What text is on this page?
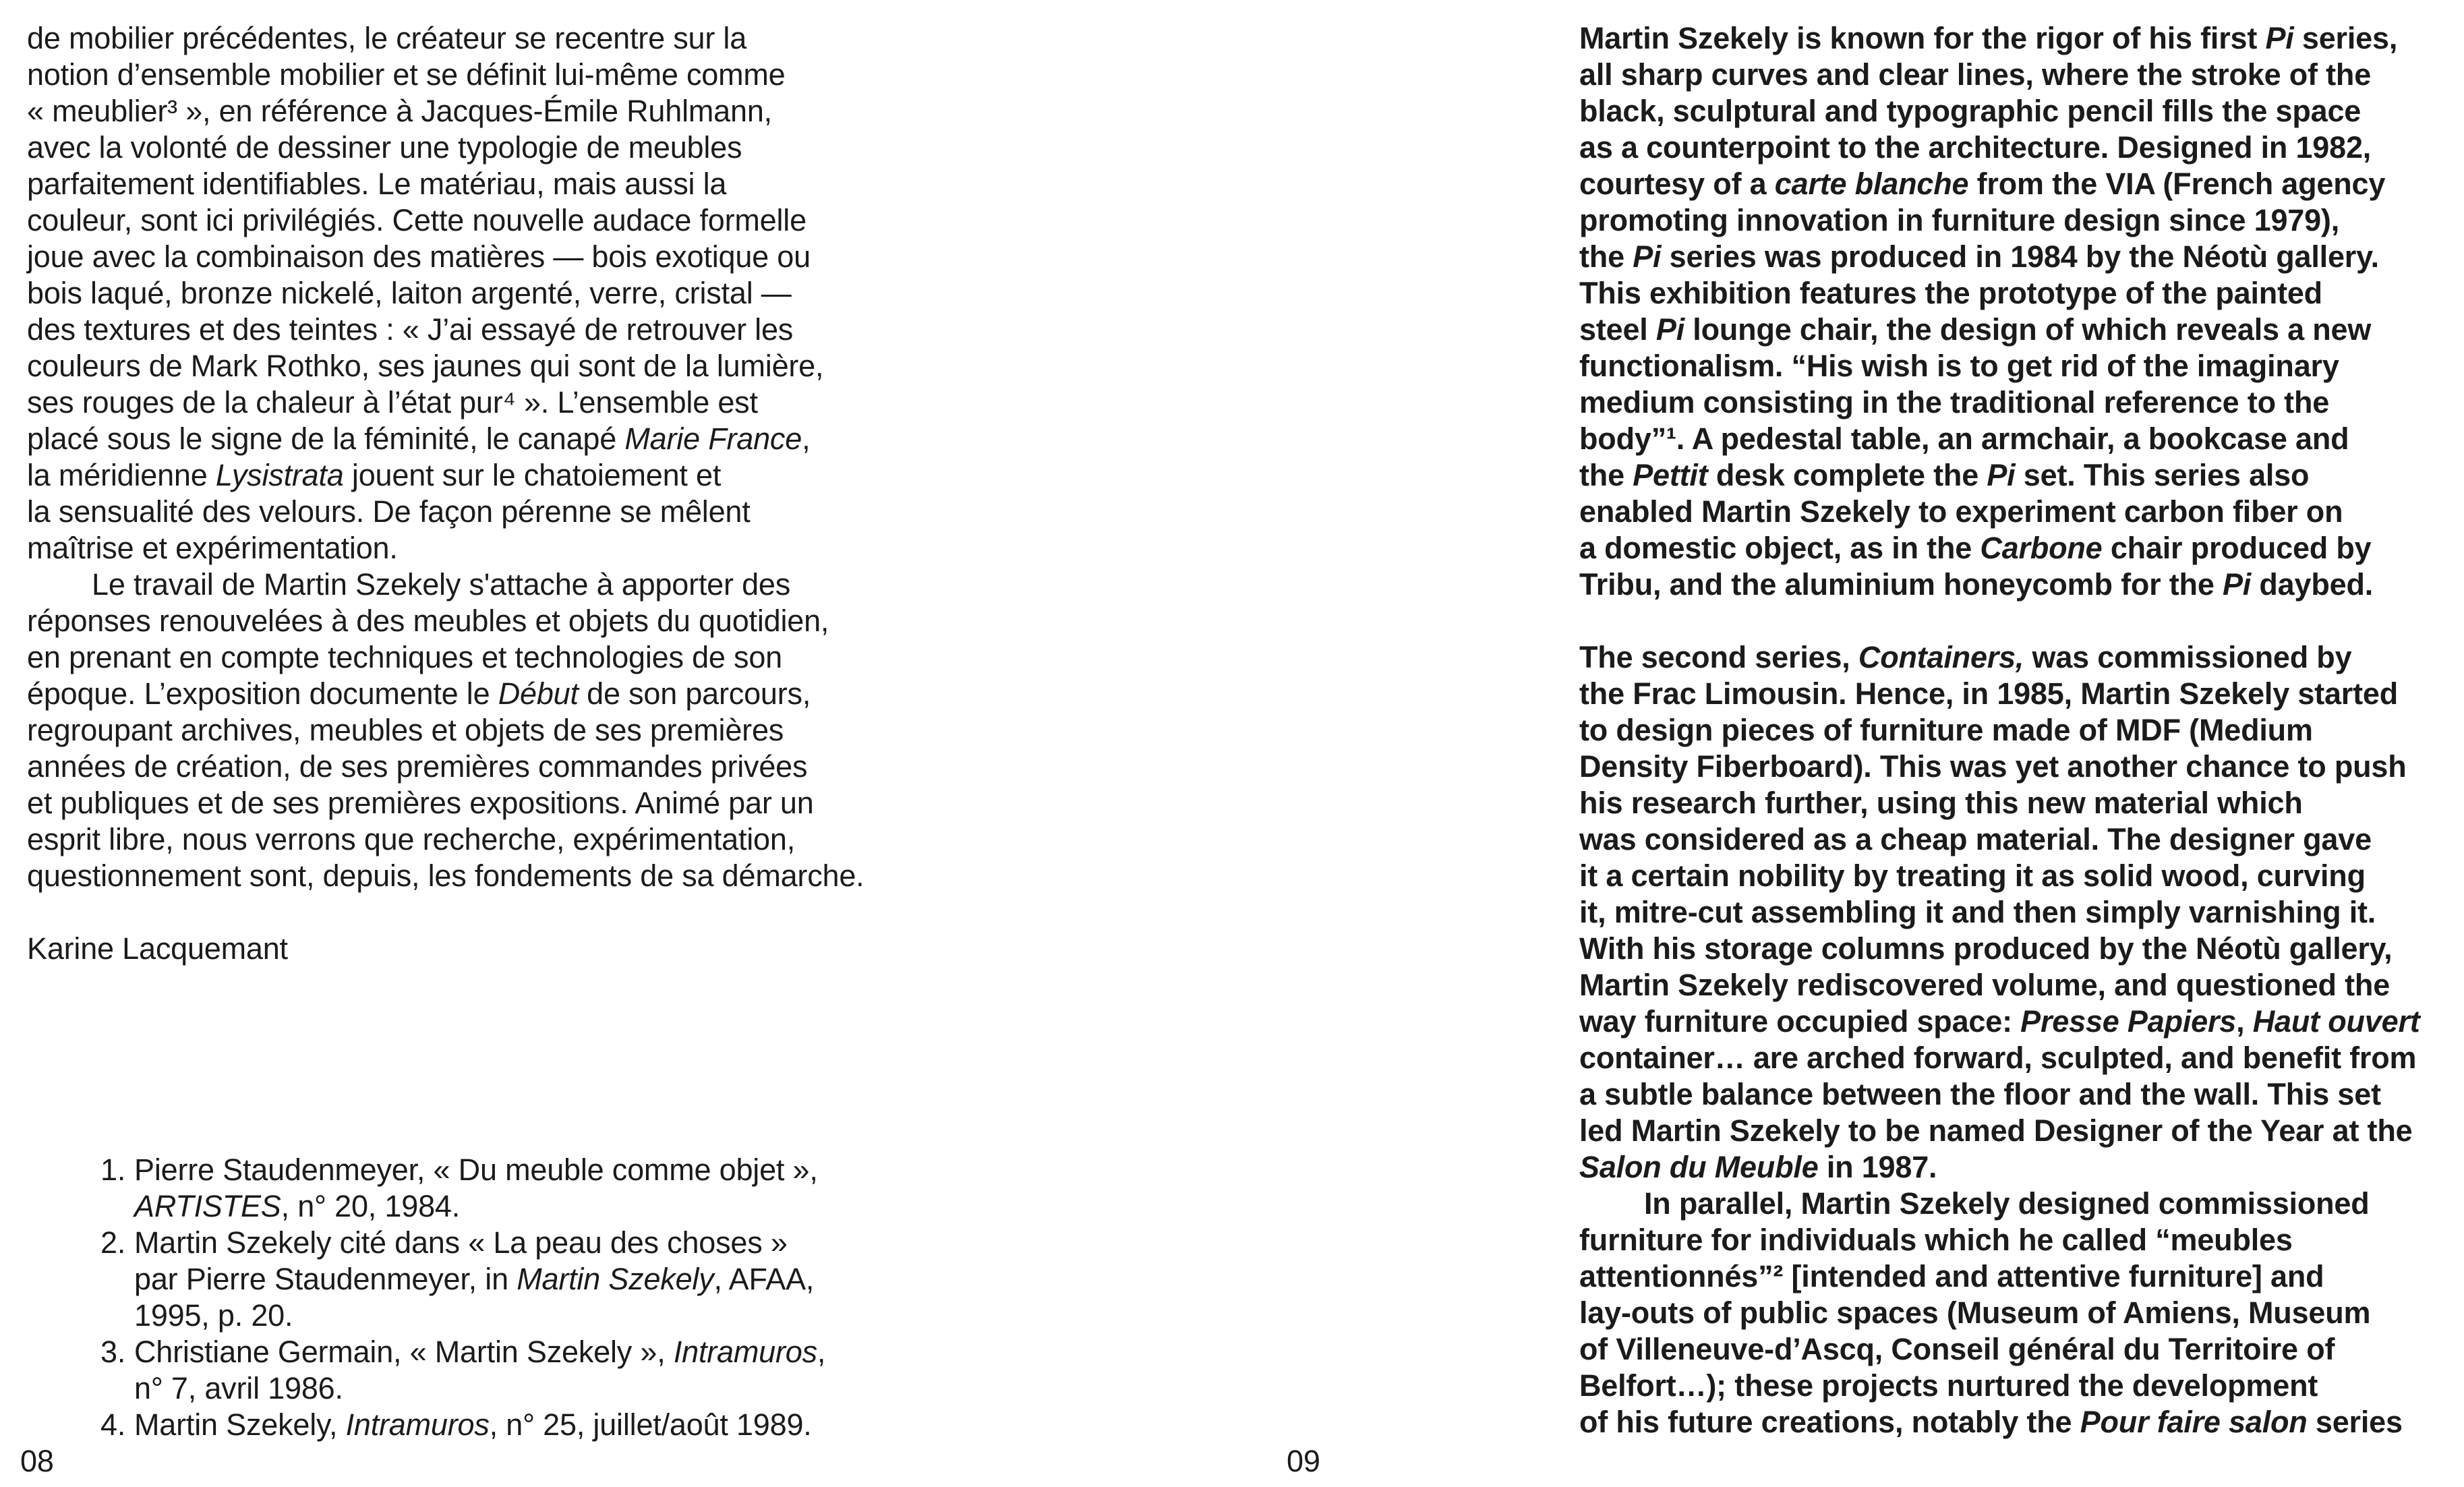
de mobilier précédentes, le créateur se recentre sur la
notion d’ensemble mobilier et se définit lui-même comme
« meublier³ », en référence à Jacques-Émile Ruhlmann,
avec la volonté de dessiner une typologie de meubles
parfaitement identifiables. Le matériau, mais aussi la
couleur, sont ici privilégiés. Cette nouvelle audace formelle
joue avec la combinaison des matières — bois exotique ou
bois laqué, bronze nickelé, laiton argenté, verre, cristal —
des textures et des teintes : « J’ai essayé de retrouver les
couleurs de Mark Rothko, ses jaunes qui sont de la lumière,
ses rouges de la chaleur à l’état pur⁴ ». L’ensemble est
placé sous le signe de la féminité, le canapé Marie France,
la méridienne Lysistrata jouent sur le chatoiement et
la sensualité des velours. De façon pérenne se mêlent
maîtrise et expérimentation.
Le travail de Martin Szekely s'attache à apporter des
réponses renouvelées à des meubles et objets du quotidien,
en prenant en compte techniques et technologies de son
époque. L’exposition documente le Début de son parcours,
regroupant archives, meubles et objets de ses premières
années de création, de ses premières commandes privées
et publiques et de ses premières expositions. Animé par un
esprit libre, nous verrons que recherche, expérimentation,
questionnement sont, depuis, les fondements de sa démarche.
Karine Lacquemant
1. Pierre Staudenmeyer, « Du meuble comme objet »,
ARTISTES, n° 20, 1984.
2. Martin Szekely cité dans « La peau des choses »
par Pierre Staudenmeyer, in Martin Szekely, AFAA,
1995, p. 20.
3. Christiane Germain, « Martin Szekely », Intramuros,
n° 7, avril 1986.
4. Martin Szekely, Intramuros, n° 25, juillet/août 1989.
Martin Szekely is known for the rigor of his first Pi series,
all sharp curves and clear lines, where the stroke of the
black, sculptural and typographic pencil fills the space
as a counterpoint to the architecture. Designed in 1982,
courtesy of a carte blanche from the VIA (French agency
promoting innovation in furniture design since 1979),
the Pi series was produced in 1984 by the Néotù gallery.
This exhibition features the prototype of the painted
steel Pi lounge chair, the design of which reveals a new
functionalism. “His wish is to get rid of the imaginary
medium consisting in the traditional reference to the
body”¹. A pedestal table, an armchair, a bookcase and
the Pettit desk complete the Pi set. This series also
enabled Martin Szekely to experiment carbon fiber on
a domestic object, as in the Carbone chair produced by
Tribu, and the aluminium honeycomb for the Pi daybed.
The second series, Containers, was commissioned by
the Frac Limousin. Hence, in 1985, Martin Szekely started
to design pieces of furniture made of MDF (Medium
Density Fiberboard). This was yet another chance to push
his research further, using this new material which
was considered as a cheap material. The designer gave
it a certain nobility by treating it as solid wood, curving
it, mitre-cut assembling it and then simply varnishing it.
With his storage columns produced by the Néotù gallery,
Martin Szekely rediscovered volume, and questioned the
way furniture occupied space: Presse Papiers, Haut ouvert
container… are arched forward, sculpted, and benefit from
a subtle balance between the floor and the wall. This set
led Martin Szekely to be named Designer of the Year at the
Salon du Meuble in 1987.
In parallel, Martin Szekely designed commissioned
furniture for individuals which he called “meubles
attentionnés”² [intended and attentive furniture] and
lay-outs of public spaces (Museum of Amiens, Museum
of Villeneuve-d’Ascq, Conseil général du Territoire of
Belfort…); these projects nurtured the development
of his future creations, notably the Pour faire salon series
08	09
